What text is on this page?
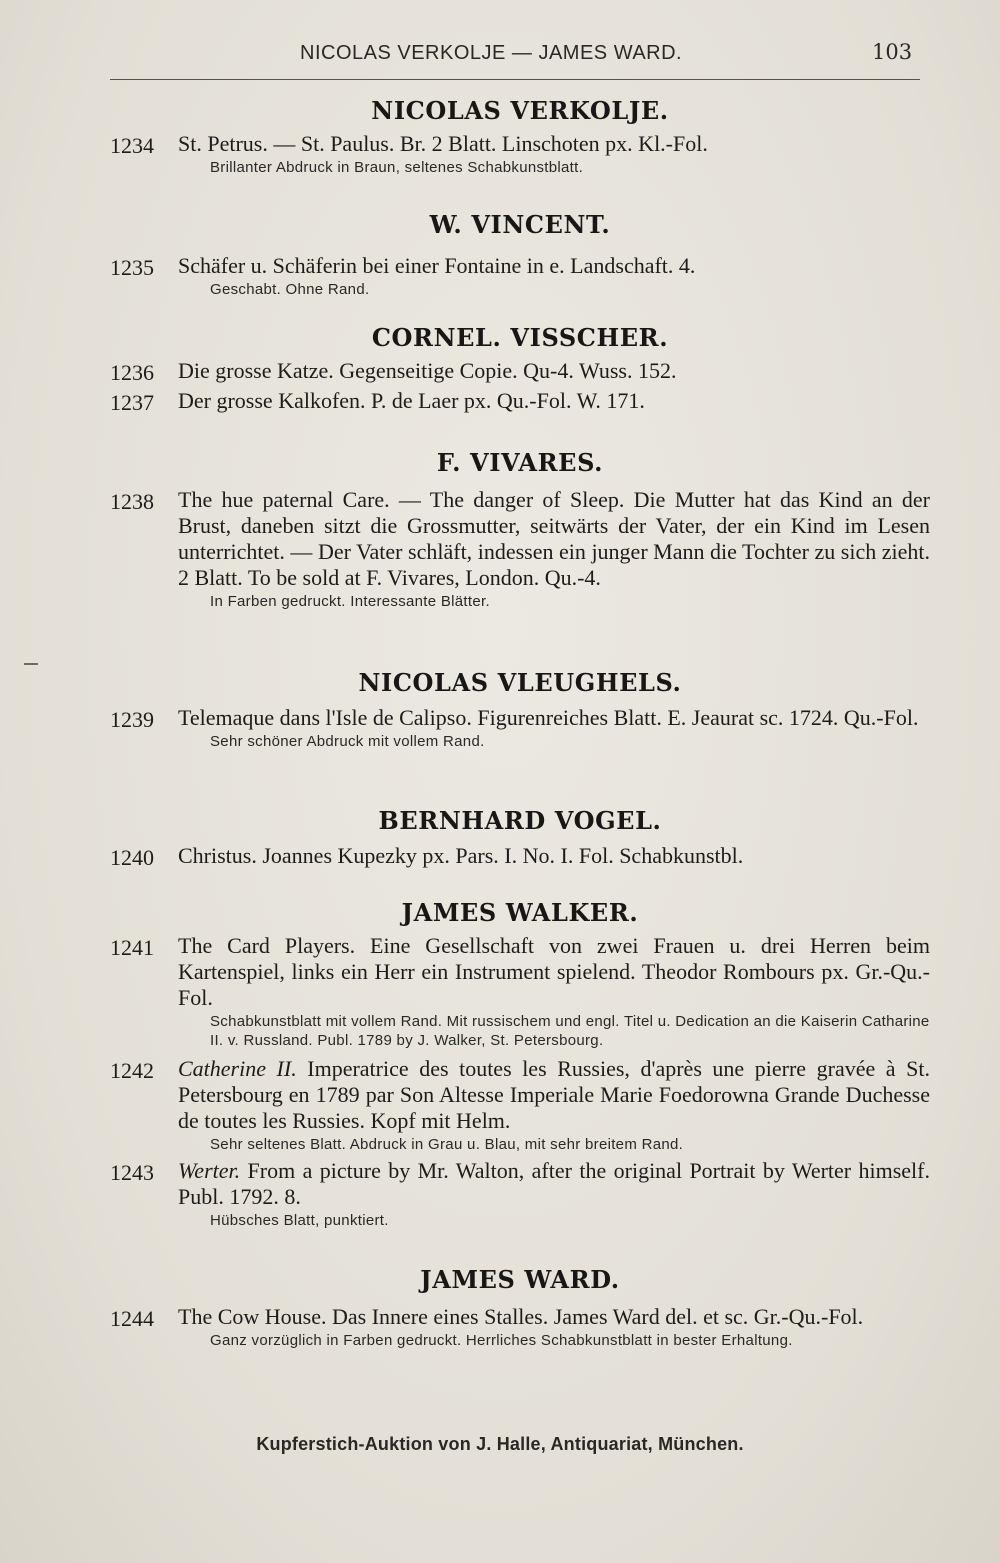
NICOLAS VERKOLJE — JAMES WARD.	103
NICOLAS VERKOLJE.
1234 St. Petrus. — St. Paulus. Br. 2 Blatt. Linschoten px. Kl.-Fol.
Brillanter Abdruck in Braun, seltenes Schabkunstblatt.
W. VINCENT.
1235 Schäfer u. Schäferin bei einer Fontaine in e. Landschaft. 4.
Geschabt. Ohne Rand.
CORNEL. VISSCHER.
1236 Die grosse Katze. Gegenseitige Copie. Qu-4. Wuss. 152.
1237 Der grosse Kalkofen. P. de Laer px. Qu.-Fol. W. 171.
F. VIVARES.
1238 The hue paternal Care. — The danger of Sleep. Die Mutter hat das Kind an der Brust, daneben sitzt die Grossmutter, seitwärts der Vater, der ein Kind im Lesen unterrichtet. — Der Vater schläft, indessen ein junger Mann die Tochter zu sich zieht. 2 Blatt. To be sold at F. Vivares, London. Qu.-4.
In Farben gedruckt. Interessante Blätter.
NICOLAS VLEUGHELS.
1239 Telemaque dans l'Isle de Calipso. Figurenreiches Blatt. E. Jeaurat sc. 1724. Qu.-Fol.
Sehr schöner Abdruck mit vollem Rand.
BERNHARD VOGEL.
1240 Christus. Joannes Kupezky px. Pars. I. No. I. Fol. Schabkunstbl.
JAMES WALKER.
1241 The Card Players. Eine Gesellschaft von zwei Frauen u. drei Herren beim Kartenspiel, links ein Herr ein Instrument spielend. Theodor Rombours px. Gr.-Qu.-Fol.
Schabkunstblatt mit vollem Rand. Mit russischem und engl. Titel u. Dedication an die Kaiserin Catharine II. v. Russland. Publ. 1789 by J. Walker, St. Petersbourg.
1242 Catherine II. Imperatrice des toutes les Russies, d'après une pierre gravée à St. Petersbourg en 1789 par Son Altesse Imperiale Marie Foedorowna Grande Duchesse de toutes les Russies. Kopf mit Helm.
Sehr seltenes Blatt. Abdruck in Grau u. Blau, mit sehr breitem Rand.
1243 Werter. From a picture by Mr. Walton, after the original Portrait by Werter himself. Publ. 1792. 8.
Hübsches Blatt, punktiert.
JAMES WARD.
1244 The Cow House. Das Innere eines Stalles. James Ward del. et sc. Gr.-Qu.-Fol.
Ganz vorzüglich in Farben gedruckt. Herrliches Schabkunstblatt in bester Erhaltung.
Kupferstich-Auktion von J. Halle, Antiquariat, München.
